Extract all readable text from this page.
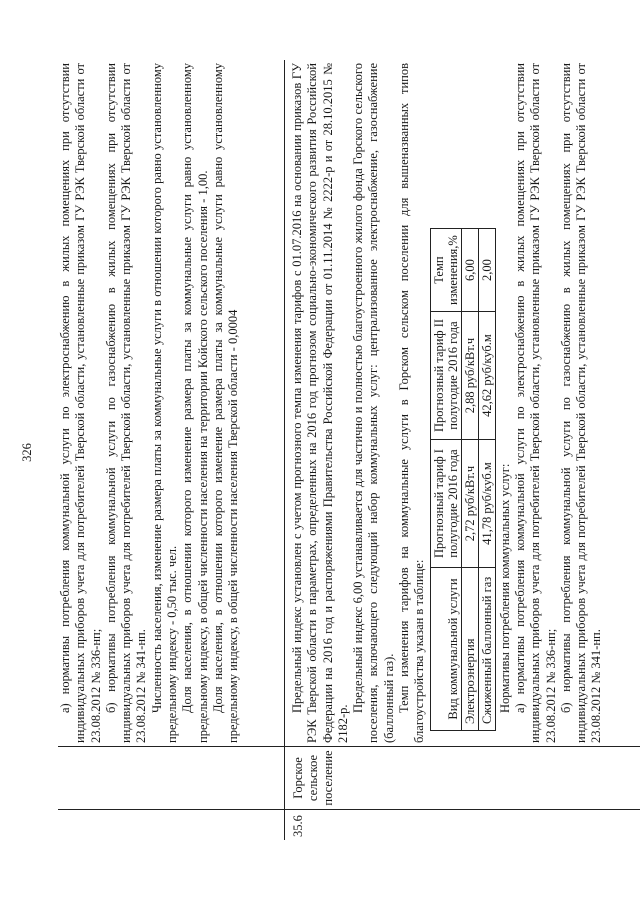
326 а) нормативы потребления коммунальной услуги по электроснабжению в жилых помещениях при отсутствии индивидуальных приборов учета для потребителей Тверской области, установленные приказом ГУ РЭК Тверской области от 23.08.2012 № 336-нп; б) нормативы потребления коммунальной услуги по газоснабжению в жилых помещениях при отсутствии индивидуальных приборов учета для потребителей Тверской области, установленные приказом ГУ РЭК Тверской области от 23.08.2012 № 341-нп. Численность населения, изменение размера платы за коммунальные услуги в отношении которого равно установленному предельному индексу - 0,50 тыс. чел. Доля населения, в отношении которого изменение размера платы за коммунальные услуги равно установленному предельному индексу, в общей численности населения на территории Койского сельского поселения - 1,00. Доля населения, в отношении которого изменение размера платы за коммунальные услуги равно установленному предельному индексу, в общей численности населения Тверской области - 0,0004

35.6
Горское сельское поселение

Предельный индекс установлен с учетом прогнозного темпа изменения тарифов с 01.07.2016 на основании приказов ГУ РЭК Тверской области в параметрах, определенных на 2016 год прогнозом социально-экономического развития Российской Федерации на 2016 год и распоряжениями Правительства Российской Федерации от 01.11.2014 № 2222-р и от 28.10.2015 № 2182-р.

Предельный индекс 6,00 устанавливается для частично и полностью благоустроенного жилого фонда Горского сельского поселения, включающего следующий набор коммунальных услуг: централизованное электроснабжение, газоснабжение (баллонный газ). Темп изменения тарифов на коммунальные услуги в Горском сельском поселении для вышеназванных типов благоустройства указан в таблице: Вид коммунальной услуги	Прогнозный тариф I полугодие 2016 года	Прогнозный тариф II полугодие 2016 года	Темп изменения,%
Электроэнергия	2,72 руб/кВт.ч	2,88 руб/кВт.ч	6,00
Сжиженный баллонный газ	41,78 руб/куб.м	42,62 руб/куб.м	2,00

Нормативы потребления коммунальных услуг: а) нормативы потребления коммунальной услуги по электроснабжению в жилых помещениях при отсутствии индивидуальных приборов учета для потребителей Тверской области, установленные приказом ГУ РЭК Тверской области от 23.08.2012 № 336-нп; б) нормативы потребления коммунальной услуги по газоснабжению в жилых помещениях при отсутствии индивидуальных приборов учета для потребителей Тверской области, установленные приказом ГУ РЭК Тверской области от 23.08.2012 № 341-нп.
